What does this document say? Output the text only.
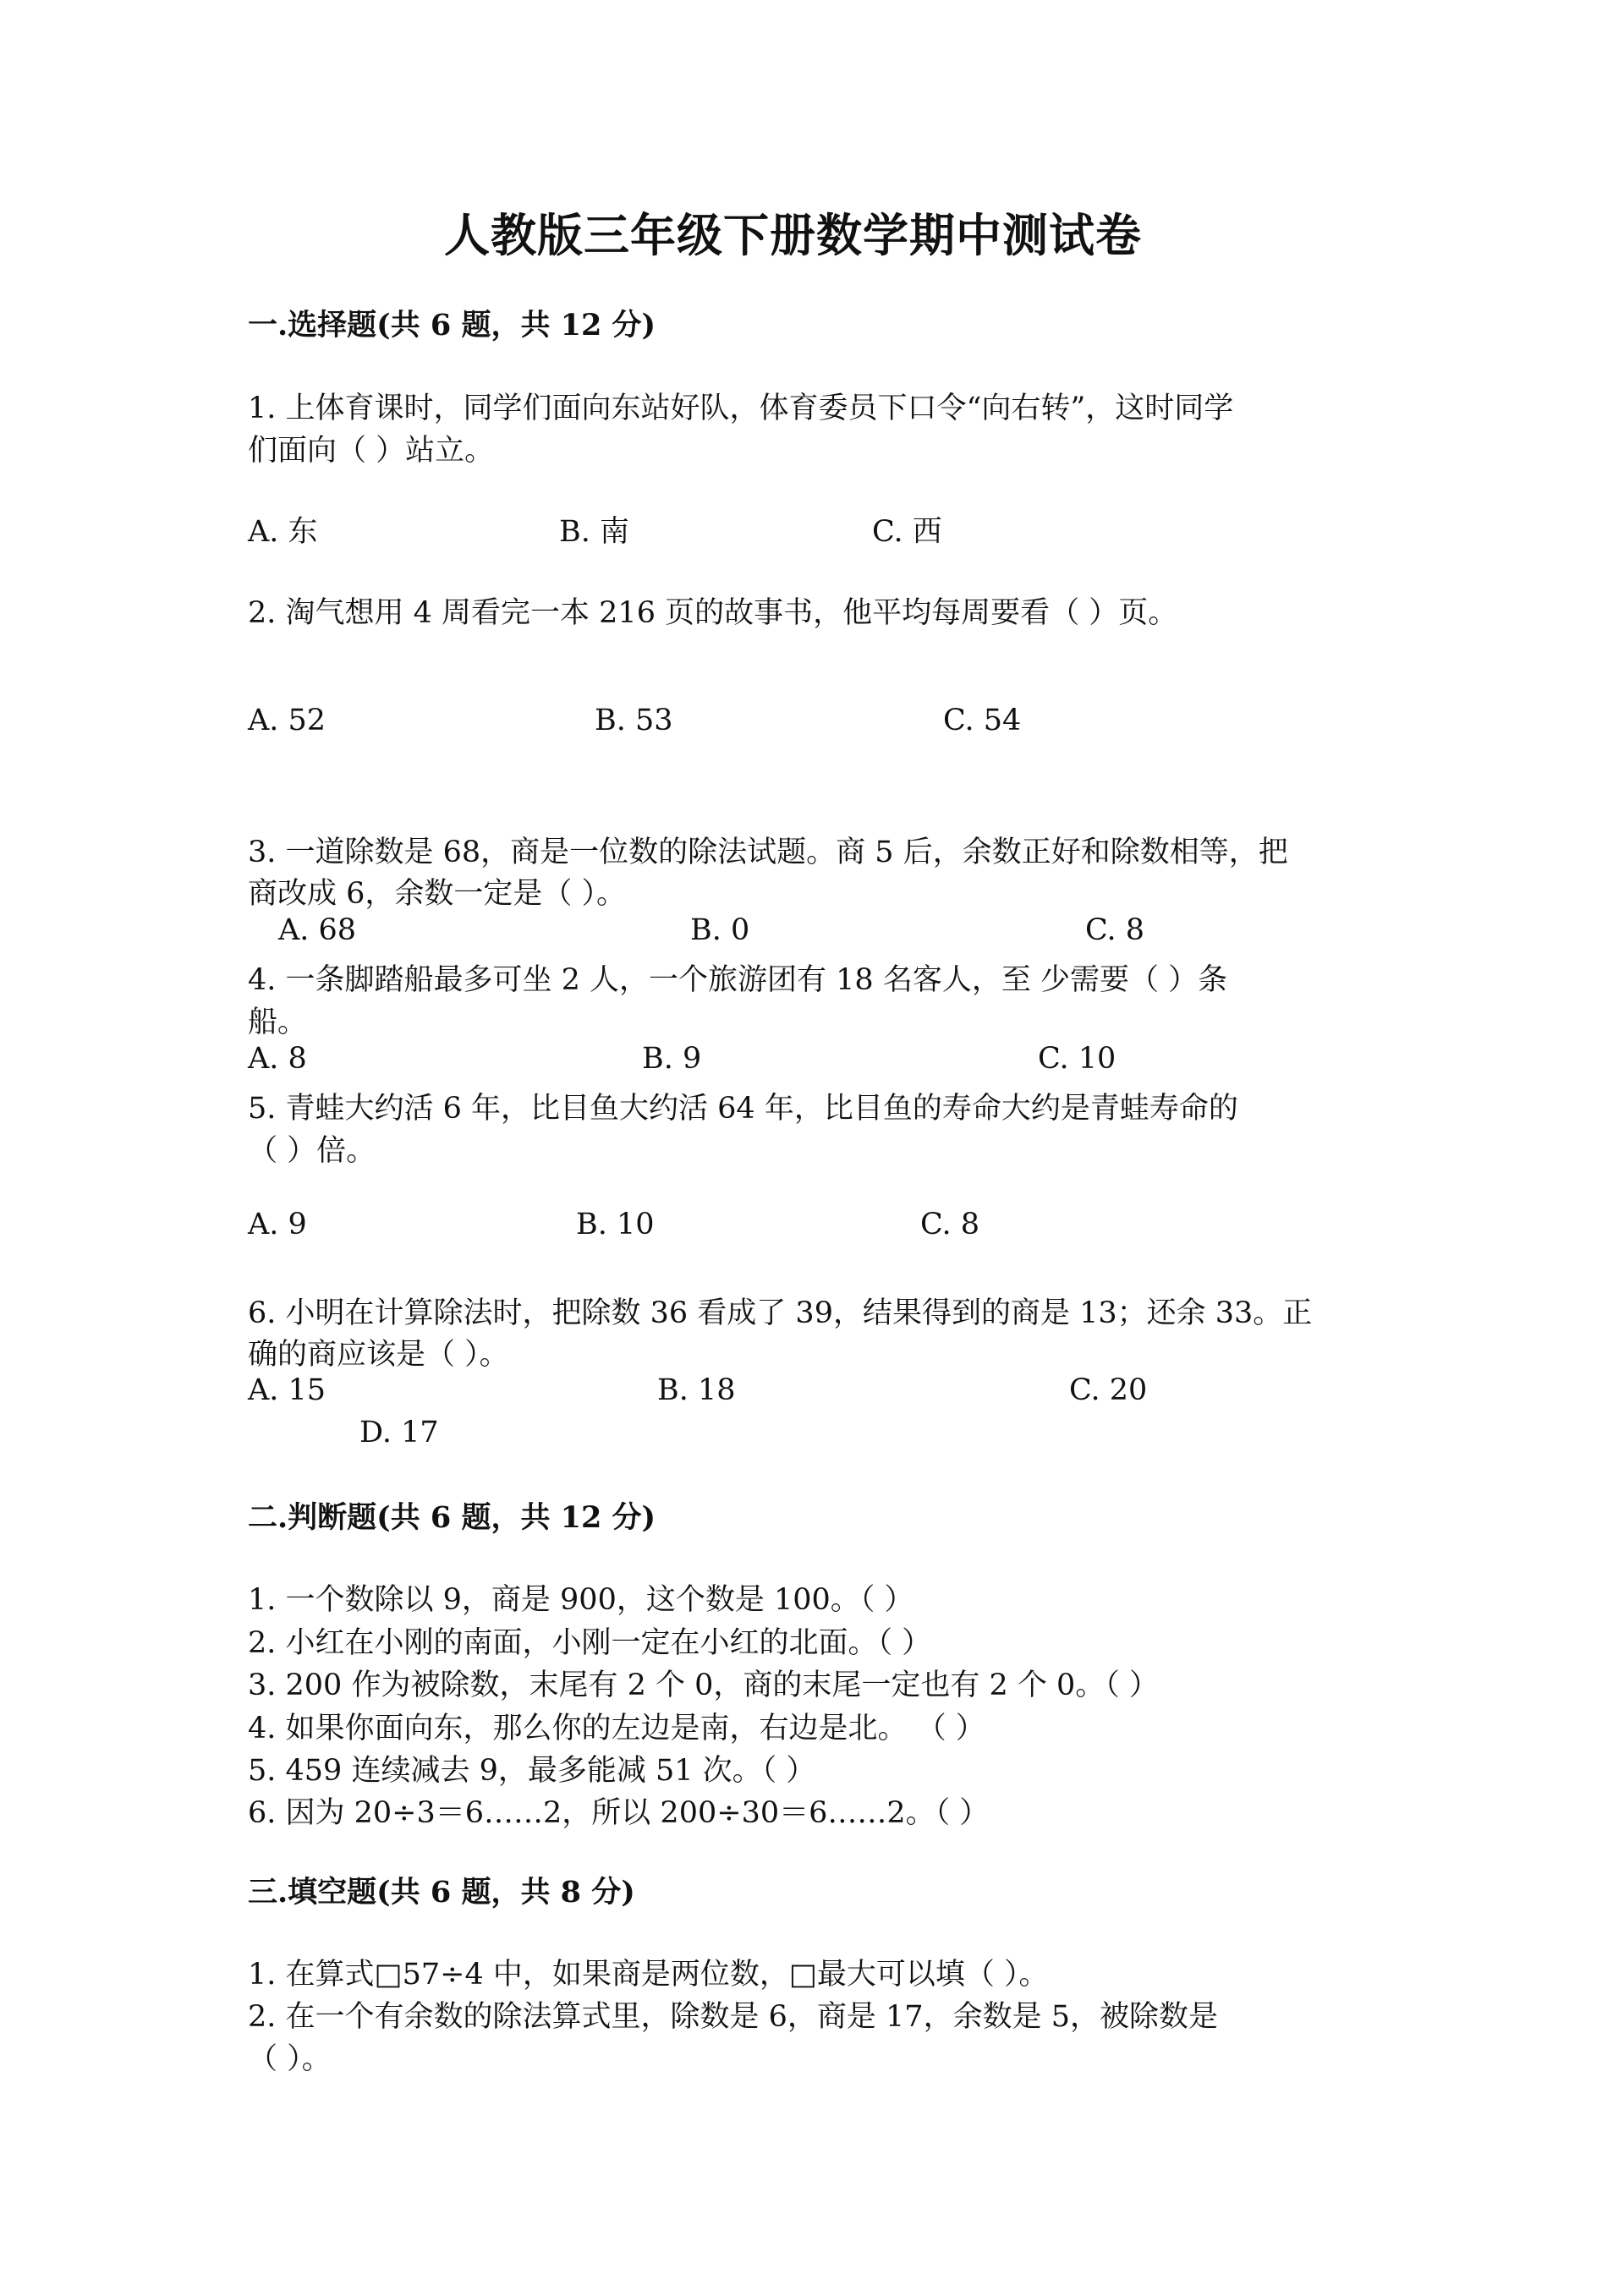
人教版三年级下册数学期中测试卷
一.选择题(共 6 题，共 12 分)
1. 上体育课时，同学们面向东站好队，体育委员下口令“向右转”，这时同学
们面向（ ）站立。
A. 东	B. 南	C. 西
2. 淘气想用 4 周看完一本 216 页的故事书，他平均每周要看（ ）页。
A. 52	B. 53	C. 54
3. 一道除数是 68，商是一位数的除法试题。商 5 后，余数正好和除数相等，把
商改成 6，余数一定是（ ）。
A. 68	B. 0	C. 8
4. 一条脚踏船最多可坐 2 人，一个旅游团有 18 名客人，至 少需要（ ）条
船。
A. 8	B. 9	C. 10
5. 青蛙大约活 6 年，比目鱼大约活 64 年，比目鱼的寿命大约是青蛙寿命的
（ ）倍。
A. 9	B. 10	C. 8
6. 小明在计算除法时，把除数 36 看成了 39，结果得到的商是 13；还余 33。正
确的商应该是（ ）。
A. 15	B. 18	C. 20
D. 17
二.判断题(共 6 题，共 12 分)
1. 一个数除以 9，商是 900，这个数是 100。（ ）
2. 小红在小刚的南面，小刚一定在小红的北面。（ ）
3. 200 作为被除数，末尾有 2 个 0，商的末尾一定也有 2 个 0。（ ）
4. 如果你面向东，那么你的左边是南，右边是北。 （ ）
5. 459 连续减去 9，最多能减 51 次。（ ）
6. 因为 20÷3＝6……2，所以 200÷30＝6……2。（ ）
三.填空题(共 6 题，共 8 分)
1. 在算式□57÷4 中，如果商是两位数，□最大可以填（ ）。
2. 在一个有余数的除法算式里，除数是 6，商是 17，余数是 5，被除数是
（ ）。
